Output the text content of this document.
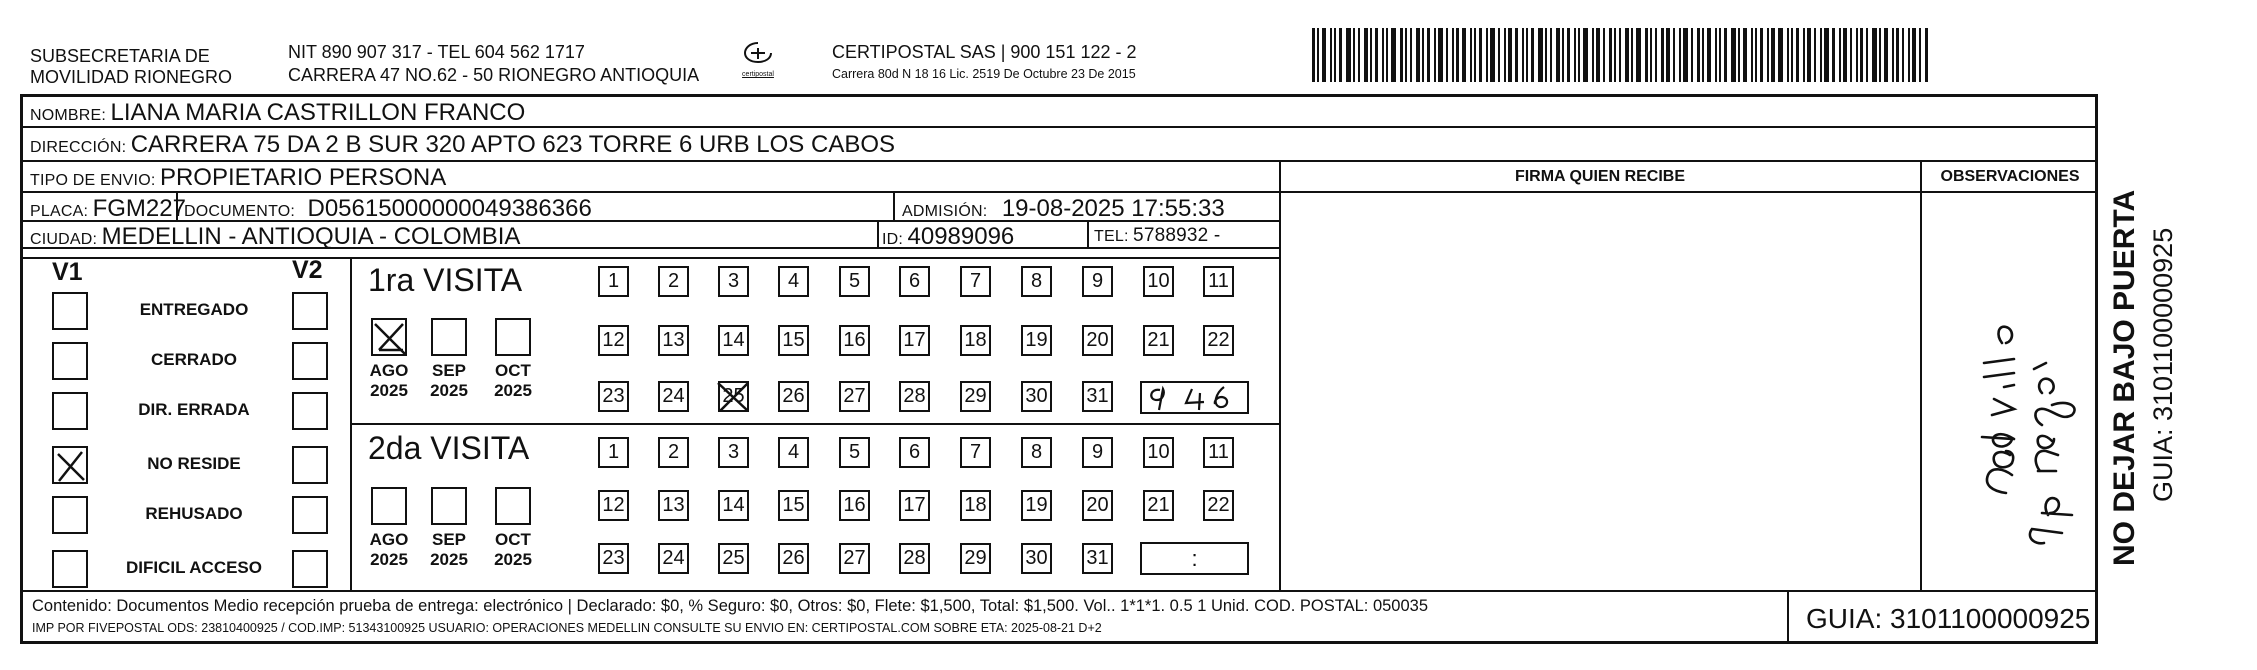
SUBSECRETARIA DE
MOVILIDAD RIONEGRO
NIT 890 907 317 - TEL 604 562 1717
CARRERA 47 NO.62 - 50 RIONEGRO ANTIOQUIA	certipostal
CERTIPOSTAL SAS | 900 151 122 - 2
Carrera 80d N 18 16 Lic. 2519 De Octubre 23 De 2015
NOMBRE: LIANA MARIA CASTRILLON FRANCO
DIRECCIÓN: CARRERA 75 DA 2 B SUR 320 APTO 623 TORRE 6 URB LOS CABOS
TIPO DE ENVIO: PROPIETARIO PERSONA	FIRMA QUIEN RECIBE	OBSERVACIONES
PLACA: FGM227
DOCUMENTO: D05615000000049386366	ADMISIÓN: 19-08-2025 17:55:33
CIUDAD: MEDELLIN - ANTIOQUIA - COLOMBIA	ID: 40989096	TEL: 5788932 -
V1	V2
ENTREGADO
CERRADO
DIR. ERRADA
NO RESIDE
REHUSADO
DIFICIL ACCESO
1ra VISITA
2da VISITA
AGO
2025
SEP
2025
OCT
2025
AGO
2025
SEP
2025
OCT
2025
1	2	3	4	5	6	7	8	9	10 11
12 13 14 15 16 17 18 19 20 21 22
23 24 25 26 27 28 29 30 31
1	2	3	4	5	6	7	8	9	10 11
12 13 14 15 16 17 18 19 20 21 22
23 24 25 26 27 28 29 30 31	:	NO DEJAR BAJO PUERTA GUIA: 3101100000925
Contenido: Documentos Medio recepción prueba de entrega: electrónico | Declarado: $0, % Seguro: $0, Otros: $0, Flete: $1,500, Total: $1,500. Vol.. 1*1*1. 0.5 1 Unid. COD. POSTAL: 050035
IMP POR FIVEPOSTAL ODS: 23810400925 / COD.IMP: 51343100925 USUARIO: OPERACIONES MEDELLIN CONSULTE SU ENVIO EN: CERTIPOSTAL.COM SOBRE ETA: 2025-08-21 D+2	GUIA: 3101100000925
